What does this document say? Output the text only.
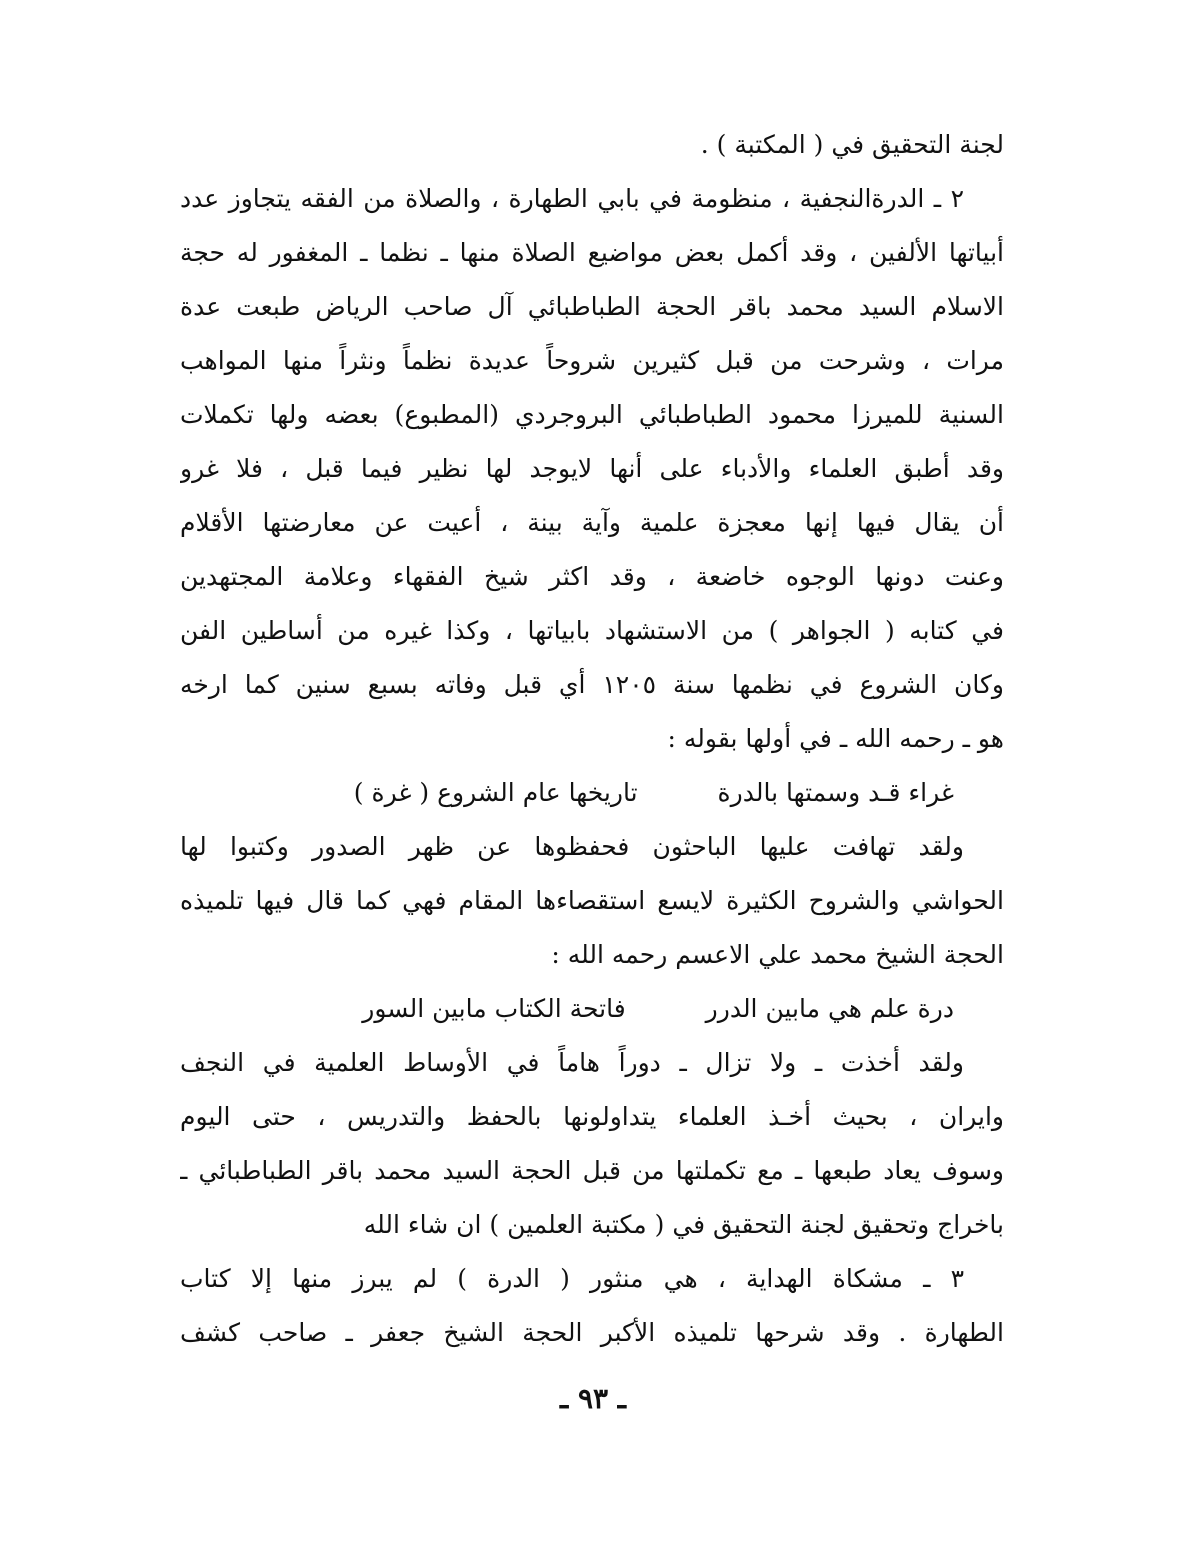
لجنة التحقيق في ( المكتبة ) .
٢ ـ الدرةالنجفية ، منظومة في بابي الطهارة ، والصلاة من الفقه يتجاوز عدد
أبياتها الألفين ، وقد أكمل بعض مواضيع الصلاة منها ـ نظما ـ المغفور له حجة
الاسلام السيد محمد باقر الحجة الطباطبائي آل صاحب الرياض طبعت عدة
مرات ، وشرحت من قبل كثيرين شروحاً عديدة نظماً ونثراً منها المواهب
السنية للميرزا محمود الطباطبائي البروجردي (المطبوع) بعضه ولها تكملات
وقد أطبق العلماء والأدباء على أنها لايوجد لها نظير فيما قبل ، فلا غرو
أن يقال فيها إنها معجزة علمية وآية بينة ، أعيت عن معارضتها الأقلام
وعنت دونها الوجوه خاضعة ، وقد اكثر شيخ الفقهاء وعلامة المجتهدين
في كتابه ( الجواهر ) من الاستشهاد بابياتها ، وكذا غيره من أساطين الفن
وكان الشروع في نظمها سنة ١٢٠٥ أي قبل وفاته بسبع سنين كما ارخه
هو ـ رحمه الله ـ في أولها بقوله :
غراء قـد وسمتها بالدرة
تاريخها عام الشروع ( غرة )
ولقد تهافت عليها الباحثون فحفظوها عن ظهر الصدور وكتبوا لها
الحواشي والشروح الكثيرة لايسع استقصاءها المقام فهي كما قال فيها تلميذه
الحجة الشيخ محمد علي الاعسم رحمه الله :
درة علم هي مابين الدرر
فاتحة الكتاب مابين السور
ولقد أخذت ـ ولا تزال ـ دوراً هاماً في الأوساط العلمية في النجف
وايران ، بحيث أخـذ العلماء يتداولونها بالحفظ والتدريس ، حتى اليوم
وسوف يعاد طبعها ـ مع تكملتها من قبل الحجة السيد محمد باقر الطباطبائي ـ
باخراج وتحقيق لجنة التحقيق في ( مكتبة العلمين ) ان شاء الله
٣ ـ مشكاة الهداية ، هي منثور ( الدرة ) لم يبرز منها إلا كتاب
الطهارة . وقد شرحها تلميذه الأكبر الحجة الشيخ جعفر ـ صاحب كشف
ـ ٩٣ ـ
